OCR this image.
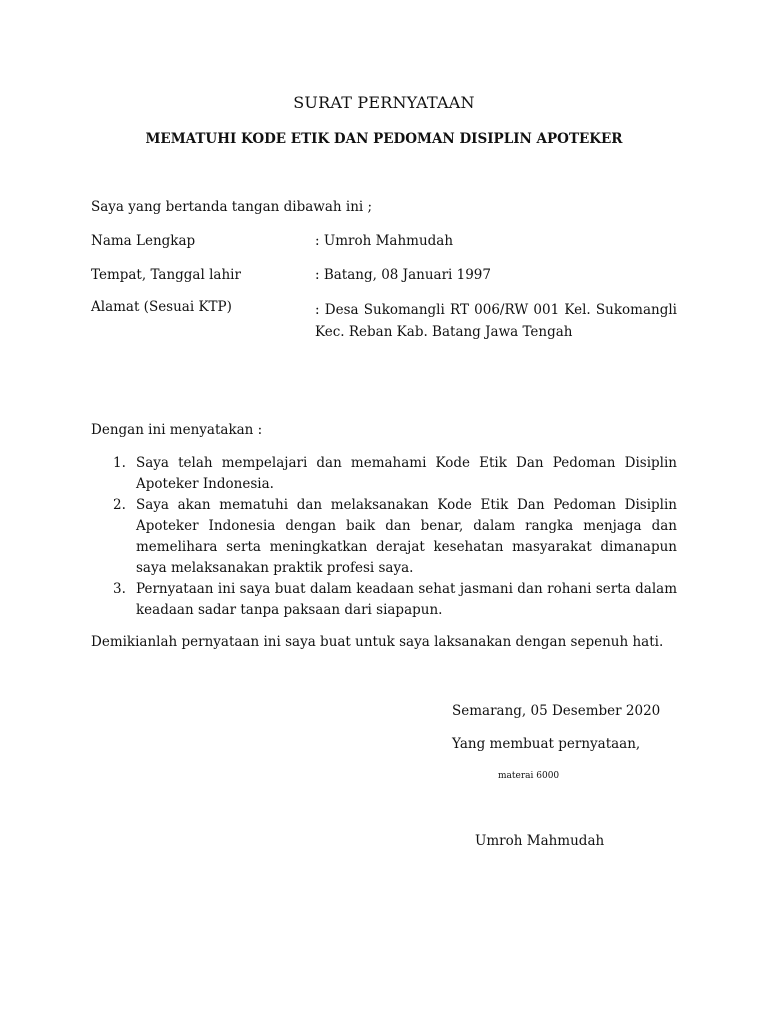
SURAT PERNYATAAN
MEMATUHI KODE ETIK DAN PEDOMAN DISIPLIN APOTEKER
Saya yang bertanda tangan dibawah ini ;
Nama Lengkap	: Umroh Mahmudah
Tempat, Tanggal lahir	: Batang, 08 Januari 1997
Alamat (Sesuai KTP)	: Desa Sukomangli RT 006/RW 001 Kel. Sukomangli Kec. Reban Kab. Batang Jawa Tengah
Dengan ini menyatakan :
1. Saya telah mempelajari dan memahami Kode Etik Dan Pedoman Disiplin Apoteker Indonesia.
2. Saya akan mematuhi dan melaksanakan Kode Etik Dan Pedoman Disiplin Apoteker Indonesia dengan baik dan benar, dalam rangka menjaga dan memelihara serta meningkatkan derajat kesehatan masyarakat dimanapun saya melaksanakan praktik profesi saya.
3. Pernyataan ini saya buat dalam keadaan sehat jasmani dan rohani serta dalam keadaan sadar tanpa paksaan dari siapapun.
Demikianlah pernyataan ini saya buat untuk saya laksanakan dengan sepenuh hati.
Semarang, 05 Desember 2020
Yang membuat pernyataan,
materai 6000
Umroh Mahmudah
